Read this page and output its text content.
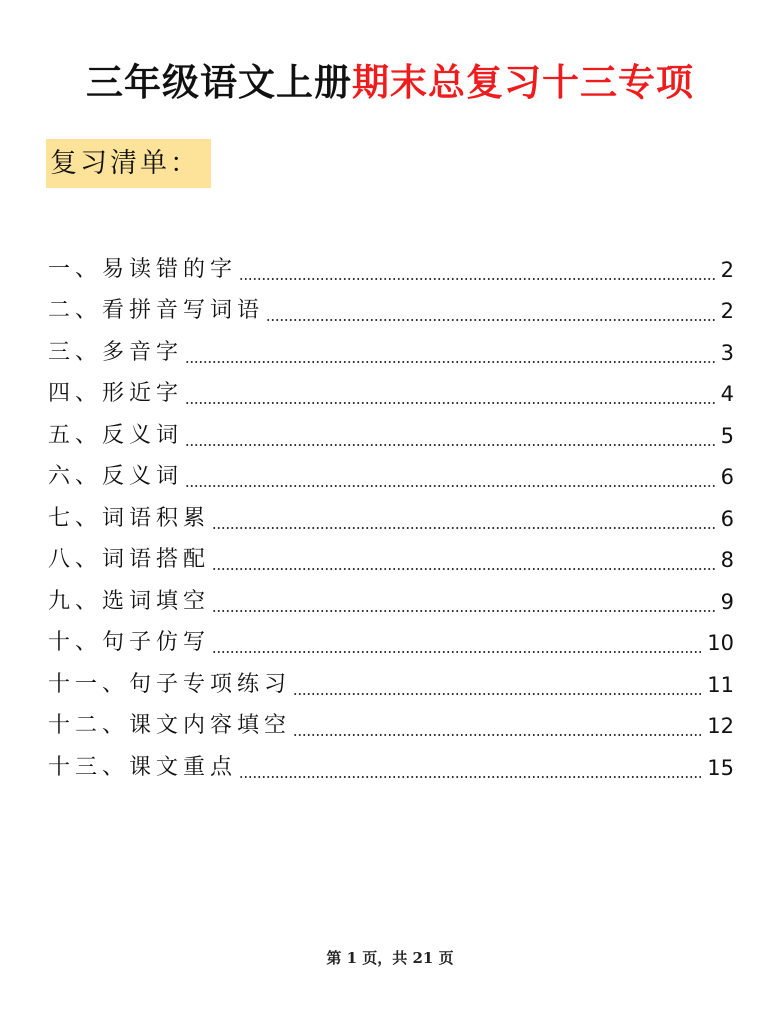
三年级语文上册期末总复习十三专项
复习清单：
一、易读错的字	2
二、看拼音写词语	2
三、多音字	3
四、形近字	4
五、反义词	5
六、反义词	6
七、词语积累	6
八、词语搭配	8
九、选词填空	9
十、句子仿写	10
十一、句子专项练习	11
十二、课文内容填空	12
十三、课文重点	15
第 1 页，共 21 页
